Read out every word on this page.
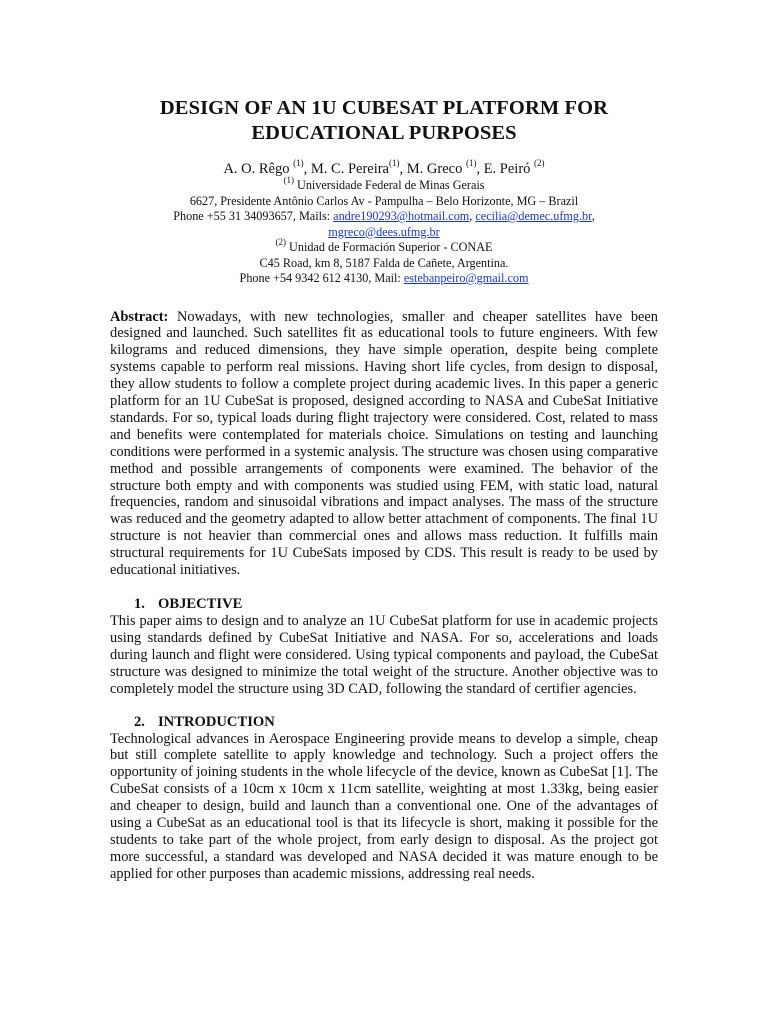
DESIGN OF AN 1U CUBESAT PLATFORM FOR
EDUCATIONAL PURPOSES
A. O. Rêgo $^{(1)}$, M. C. Pereira$^{(1)}$, M. Greco $^{(1)}$, E. Peiró $^{(2)}$
$^{(1)}$ Universidade Federal de Minas Gerais
6627, Presidente Antônio Carlos Av - Pampulha – Belo Horizonte, MG – Brazil
Phone +55 31 34093657, Mails: andre190293@hotmail.com, cecilia@demec.ufmg.br,
mgreco@dees.ufmg.br
$^{(2)}$ Unidad de Formación Superior - CONAE
C45 Road, km 8, 5187 Falda de Cañete, Argentina.
Phone +54 9342 612 4130, Mail: estebanpeiro@gmail.com

Abstract: Nowadays, with new technologies, smaller and cheaper satellites have been designed and launched. Such satellites fit as educational tools to future engineers. With few kilograms and reduced dimensions, they have simple operation, despite being complete systems capable to perform real missions. Having short life cycles, from design to disposal, they allow students to follow a complete project during academic lives. In this paper a generic platform for an 1U CubeSat is proposed, designed according to NASA and CubeSat Initiative standards. For so, typical loads during flight trajectory were considered. Cost, related to mass and benefits were contemplated for materials choice. Simulations on testing and launching conditions were performed in a systemic analysis. The structure was chosen using comparative method and possible arrangements of components were examined. The behavior of the structure both empty and with components was studied using FEM, with static load, natural frequencies, random and sinusoidal vibrations and impact analyses. The mass of the structure was reduced and the geometry adapted to allow better attachment of components. The final 1U structure is not heavier than commercial ones and allows mass reduction. It fulfills main structural requirements for 1U CubeSats imposed by CDS. This result is ready to be used by educational initiatives.

1. OBJECTIVE

This paper aims to design and to analyze an 1U CubeSat platform for use in academic projects using standards defined by CubeSat Initiative and NASA. For so, accelerations and loads during launch and flight were considered. Using typical components and payload, the CubeSat structure was designed to minimize the total weight of the structure. Another objective was to completely model the structure using 3D CAD, following the standard of certifier agencies.

2. INTRODUCTION

Technological advances in Aerospace Engineering provide means to develop a simple, cheap but still complete satellite to apply knowledge and technology. Such a project offers the opportunity of joining students in the whole lifecycle of the device, known as CubeSat [1]. The CubeSat consists of a 10cm x 10cm x 11cm satellite, weighting at most 1.33kg, being easier and cheaper to design, build and launch than a conventional one. One of the advantages of using a CubeSat as an educational tool is that its lifecycle is short, making it possible for the students to take part of the whole project, from early design to disposal. As the project got more successful, a standard was developed and NASA decided it was mature enough to be applied for other purposes than academic missions, addressing real needs.
